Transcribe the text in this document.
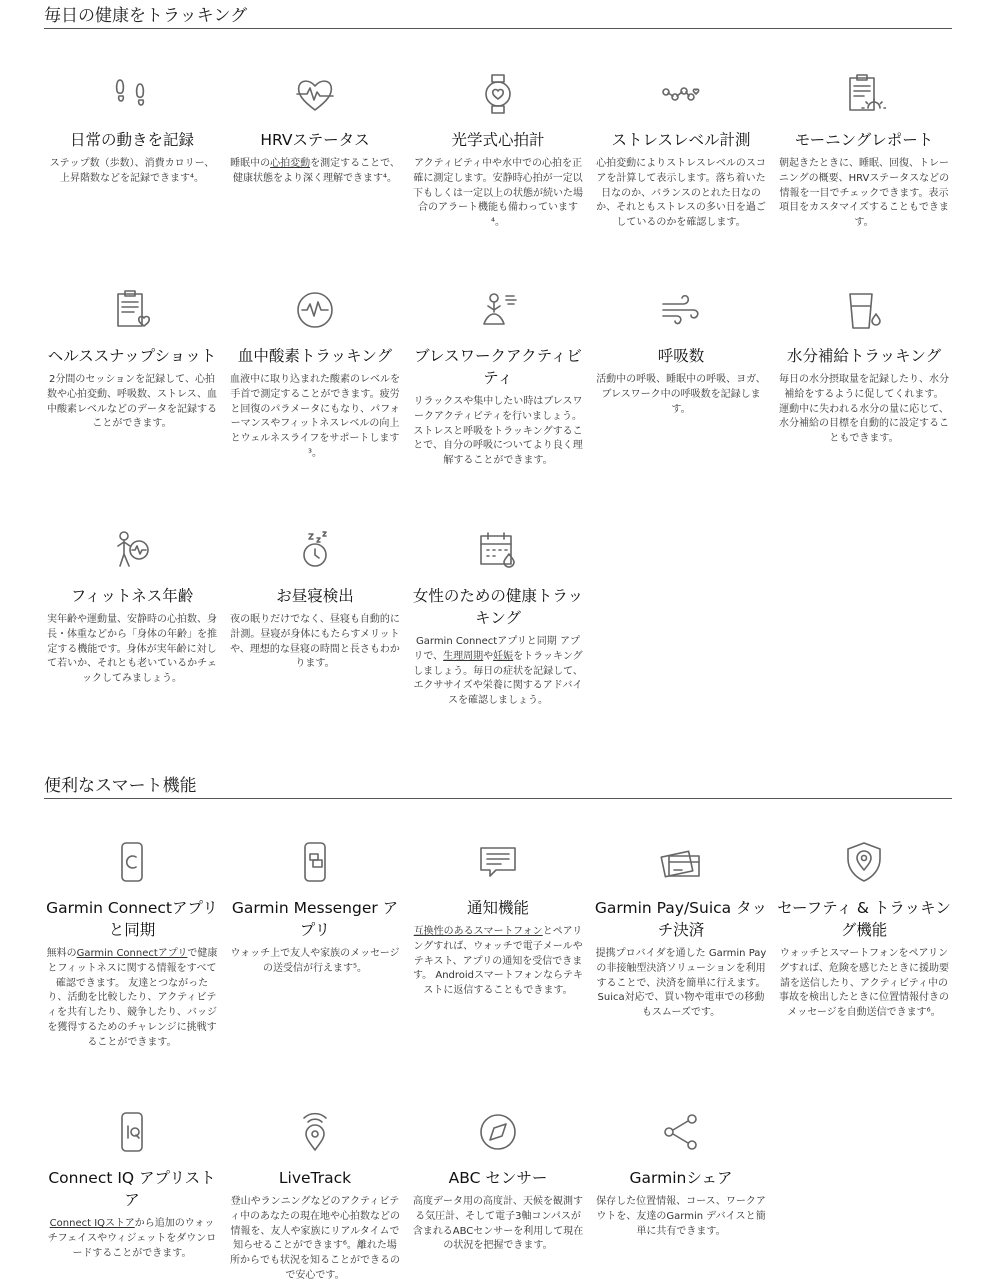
毎日の健康をトラッキング
日常の動きを記録
ステップ数（歩数）、消費カロリー、上昇階数などを記録できます⁴。
HRVステータス
睡眠中の心拍変動を測定することで、健康状態をより深く理解できます⁴。
光学式心拍計
アクティビティ中や水中での心拍を正確に測定します。安静時心拍が一定以下もしくは一定以上の状態が続いた場合のアラート機能も備わっています⁴。
ストレスレベル計測
心拍変動によりストレスレベルのスコアを計算して表示します。落ち着いた日なのか、バランスのとれた日なのか、それともストレスの多い日を過ごしているのかを確認します。
モーニングレポート
朝起きたときに、睡眠、回復、トレーニングの概要、HRVステータスなどの情報を一目でチェックできます。表示項目をカスタマイズすることもできます。
ヘルススナップショット
2分間のセッションを記録して、心拍数や心拍変動、呼吸数、ストレス、血中酸素レベルなどのデータを記録することができます。
血中酸素トラッキング
血液中に取り込まれた酸素のレベルを手首で測定することができます。疲労と回復のパラメータにもなり、パフォーマンスやフィットネスレベルの向上とウェルネスライフをサポートします³。
ブレスワークアクティビティ
リラックスや集中したい時はブレスワークアクティビティを行いましょう。ストレスと呼吸をトラッキングすることで、自分の呼吸についてより良く理解することができます。
呼吸数
活動中の呼吸、睡眠中の呼吸、ヨガ、ブレスワーク中の呼吸数を記録します。
水分補給トラッキング
毎日の水分摂取量を記録したり、水分補給をするように促してくれます。 運動中に失われる水分の量に応じて、水分補給の目標を自動的に設定することもできます。
フィットネス年齢
実年齢や運動量、安静時の心拍数、身長・体重などから「身体の年齢」を推定する機能です。身体が実年齢に対して若いか、それとも老いているかチェックしてみましょう。
お昼寝検出
夜の眠りだけでなく、昼寝も自動的に計測。昼寝が身体にもたらすメリットや、理想的な昼寝の時間と長さもわかります。
女性のための健康トラッキング
Garmin Connectアプリと同期 アプリで、生理周期や妊娠をトラッキングしましょう。毎日の症状を記録して、エクササイズや栄養に関するアドバイスを確認しましょう。
便利なスマート機能
Garmin Connectアプリと同期
無料のGarmin Connectアプリで健康とフィットネスに関する情報をすべて確認できます。 友達とつながったり、活動を比較したり、アクティビティを共有したり、競争したり、バッジを獲得するためのチャレンジに挑戦することができます。
Garmin Messenger アプリ
ウォッチ上で友人や家族のメッセージの送受信が行えます⁵。
通知機能
互換性のあるスマートフォンとペアリングすれば、ウォッチで電子メールやテキスト、アプリの通知を受信できます。 Androidスマートフォンならテキストに返信することもできます。
Garmin Pay/Suica タッチ決済
提携プロバイダを通した Garmin Pay の非接触型決済ソリューションを利用することで、決済を簡単に行えます。Suica対応で、買い物や電車での移動もスムーズです。
セーフティ & トラッキング機能
ウォッチとスマートフォンをペアリングすれば、危険を感じたときに援助要請を送信したり、アクティビティ中の事故を検出したときに位置情報付きのメッセージを自動送信できます⁶。
Connect IQ アプリストア
Connect IQストアから追加のウォッチフェイスやウィジェットをダウンロードすることができます。
LiveTrack
登山やランニングなどのアクティビティ中のあなたの現在地や心拍数などの情報を、友人や家族にリアルタイムで知らせることができます⁶。離れた場所からでも状況を知ることができるので安心です。
ABC センサー
高度データ用の高度計、天候を観測する気圧計、そして電子3軸コンパスが含まれるABCセンサーを利用して現在の状況を把握できます。
Garminシェア
保存した位置情報、コース、ワークアウトを、友達のGarmin デバイスと簡単に共有できます。
